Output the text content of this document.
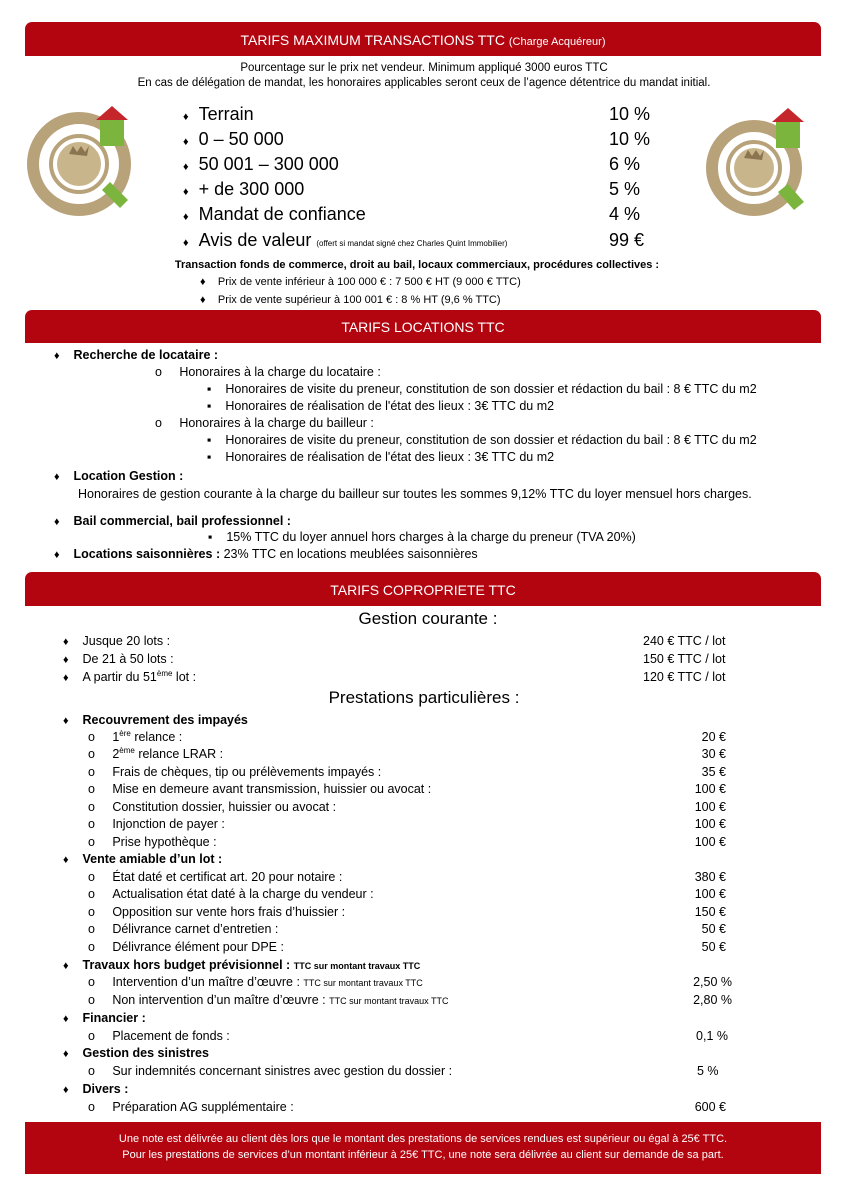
TARIFS MAXIMUM TRANSACTIONS TTC (Charge Acquéreur)
Pourcentage sur le prix net vendeur. Minimum appliqué 3000 euros TTC
En cas de délégation de mandat, les honoraires applicables seront ceux de l’agence détentrice du mandat initial.
♦ Terrain	10 %
♦ 0 – 50 000	10 %
♦ 50 001 – 300 000	6 %
♦ + de 300 000	5 %
♦ Mandat de confiance	4 %
♦ Avis de valeur (offert si mandat signé chez Charles Quint Immobilier)	99 €
Transaction fonds de commerce, droit au bail, locaux commerciaux, procédures collectives :
♦ Prix de vente inférieur à 100 000 € : 7 500 € HT (9 000 € TTC)
♦ Prix de vente supérieur à 100 001 € : 8 % HT (9,6 % TTC)
TARIFS LOCATIONS TTC
♦ Recherche de locataire :
o Honoraires à la charge du locataire :
▪ Honoraires de visite du preneur, constitution de son dossier et rédaction du bail : 8 € TTC du m2
▪ Honoraires de réalisation de l'état des lieux : 3€ TTC du m2
o Honoraires à la charge du bailleur :
▪ Honoraires de visite du preneur, constitution de son dossier et rédaction du bail : 8 € TTC du m2
▪ Honoraires de réalisation de l'état des lieux : 3€ TTC du m2
♦ Location Gestion :
Honoraires de gestion courante à la charge du bailleur sur toutes les sommes 9,12% TTC du loyer mensuel hors charges.
♦ Bail commercial, bail professionnel :
▪ 15% TTC du loyer annuel hors charges à la charge du preneur (TVA 20%)
♦ Locations saisonnières : 23% TTC en locations meublées saisonnières
TARIFS COPROPRIETE TTC
Gestion courante :
♦ Jusque 20 lots :	240 € TTC / lot
♦ De 21 à 50 lots :	150 € TTC / lot
♦ A partir du 51ème lot :	120 € TTC / lot
Prestations particulières :
♦ Recouvrement des impayés
o 1ère relance :	20 €
o 2ème relance LRAR :	30 €
o Frais de chèques, tip ou prélèvements impayés :	35 €
o Mise en demeure avant transmission, huissier ou avocat :	100 €
o Constitution dossier, huissier ou avocat :	100 €
o Injonction de payer :	100 €
o Prise hypothèque :	100 €
♦ Vente amiable d’un lot :
o État daté et certificat art. 20 pour notaire :	380 €
o Actualisation état daté à la charge du vendeur :	100 €
o Opposition sur vente hors frais d’huissier :	150 €
o Délivrance carnet d’entretien :	50 €
o Délivrance élément pour DPE :	50 €
♦ Travaux hors budget prévisionnel : TTC sur montant travaux TTC
o Intervention d’un maître d’œuvre : TTC sur montant travaux TTC	2,50 %
o Non intervention d’un maître d’œuvre : TTC sur montant travaux TTC	2,80 %
♦ Financier :
o Placement de fonds :	0,1 %
♦ Gestion des sinistres
o Sur indemnités concernant sinistres avec gestion du dossier :	5 %
♦ Divers :
o Préparation AG supplémentaire :	600 €
Une note est délivrée au client dès lors que le montant des prestations de services rendues est supérieur ou égal à 25€ TTC.
Pour les prestations de services d’un montant inférieur à 25€ TTC, une note sera délivrée au client sur demande de sa part.
